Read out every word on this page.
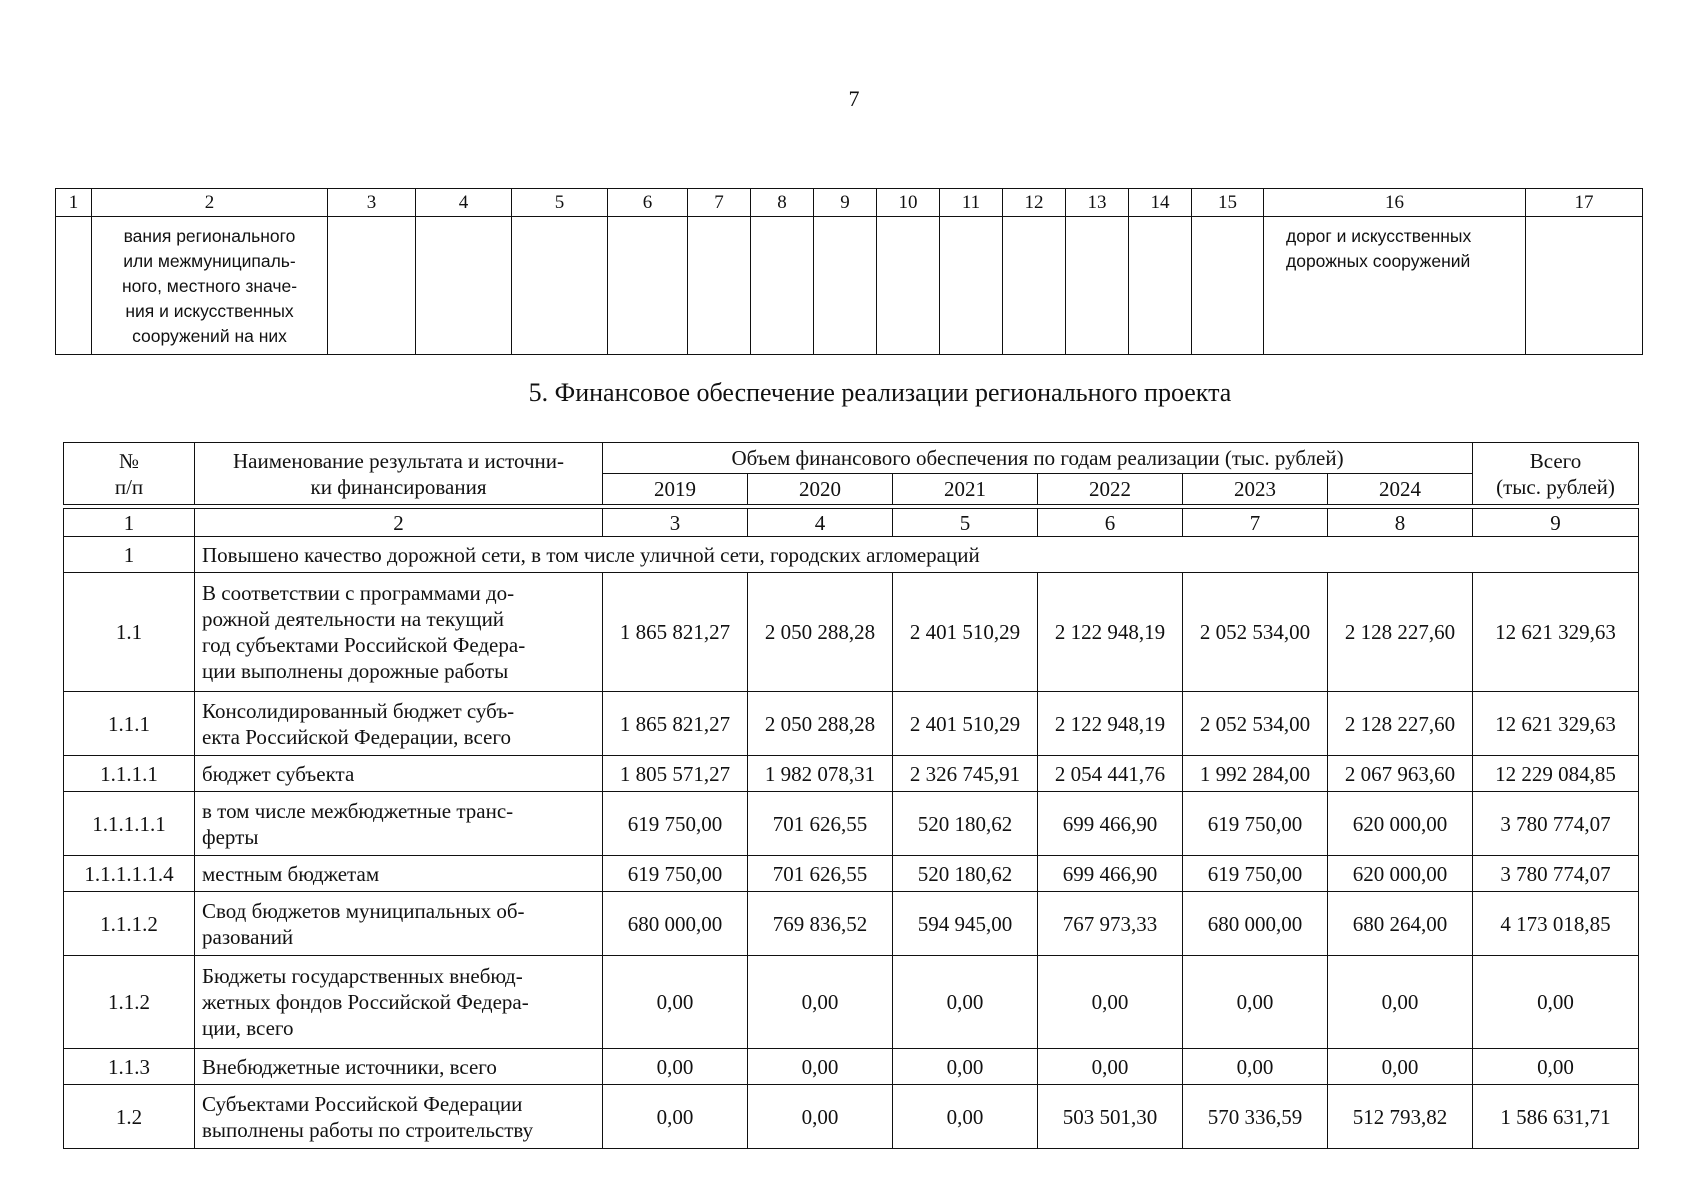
7
1	2	3	4	5	6	7	8	9	10	11	12	13	14	15	16	17

	вания регионального
или межмуниципаль-
ного, местного значе-
ния и искусственных
сооружений на них														дорог и искусственных
дорожных сооружений	

5. Финансовое обеспечение реализации регионального проекта
№
п/п	Наименование результата и источни-
ки финансирования	Объем финансового обеспечения по годам реализации (тыс. рублей)						Всего
(тыс. рублей)
		2019	2020	2021	2022	2023	2024	

1	2	3	4	5	6	7	8	9
1	Повышено качество дорожной сети, в том числе уличной сети, городских агломераций							
1.1	В соответствии с программами до-
рожной деятельности на текущий
год субъектами Российской Федера-
ции выполнены дорожные работы	1 865 821,27	2 050 288,28	2 401 510,29	2 122 948,19	2 052 534,00	2 128 227,60	12 621 329,63
1.1.1	Консолидированный бюджет субъ-
екта Российской Федерации, всего	1 865 821,27	2 050 288,28	2 401 510,29	2 122 948,19	2 052 534,00	2 128 227,60	12 621 329,63
1.1.1.1	бюджет субъекта	1 805 571,27	1 982 078,31	2 326 745,91	2 054 441,76	1 992 284,00	2 067 963,60	12 229 084,85
1.1.1.1.1	в том числе межбюджетные транс-
ферты	619 750,00	701 626,55	520 180,62	699 466,90	619 750,00	620 000,00	3 780 774,07
1.1.1.1.1.4	местным бюджетам	619 750,00	701 626,55	520 180,62	699 466,90	619 750,00	620 000,00	3 780 774,07
1.1.1.2	Свод бюджетов муниципальных об-
разований	680 000,00	769 836,52	594 945,00	767 973,33	680 000,00	680 264,00	4 173 018,85
1.1.2	Бюджеты государственных внебюд-
жетных фондов Российской Федера-
ции, всего	0,00	0,00	0,00	0,00	0,00	0,00	0,00
1.1.3	Внебюджетные источники, всего	0,00	0,00	0,00	0,00	0,00	0,00	0,00
1.2	Субъектами Российской Федерации
выполнены работы по строительству	0,00	0,00	0,00	503 501,30	570 336,59	512 793,82	1 586 631,71
